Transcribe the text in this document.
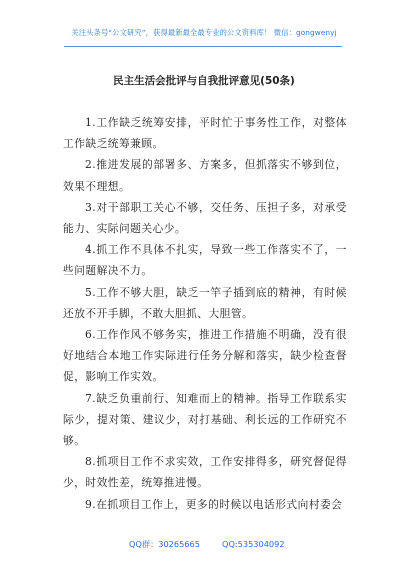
关注头条号“公文研究”，获得最新最全最专业的公文资料库！ 微信：gongwenyj
民主生活会批评与自我批评意见(50条)

1.工作缺乏统筹安排，平时忙于事务性工作，对整体工作缺乏统筹兼顾。

2.推进发展的部署多、方案多，但抓落实不够到位，效果不理想。

3.对干部职工关心不够，交任务、压担子多，对承受能力、实际问题关心少。

4.抓工作不具体不扎实，导致一些工作落实不了，一些问题解决不力。

5.工作不够大胆，缺乏一竿子插到底的精神，有时候还放不开手脚，不敢大胆抓、大胆管。

6.工作作风不够务实，推进工作措施不明确，没有很好地结合本地工作实际进行任务分解和落实，缺少检查督促，影响工作实效。

7.缺乏负重前行、知难而上的精神。指导工作联系实际少，提对策、建议少，对打基础、利长远的工作研究不够。

8.抓项目工作不求实效，工作安排得多，研究督促得少，时效性差，统筹推进慢。

9.在抓项目工作上，更多的时候以电话形式向村委会

QQ群：30265665	QQ:535304092
